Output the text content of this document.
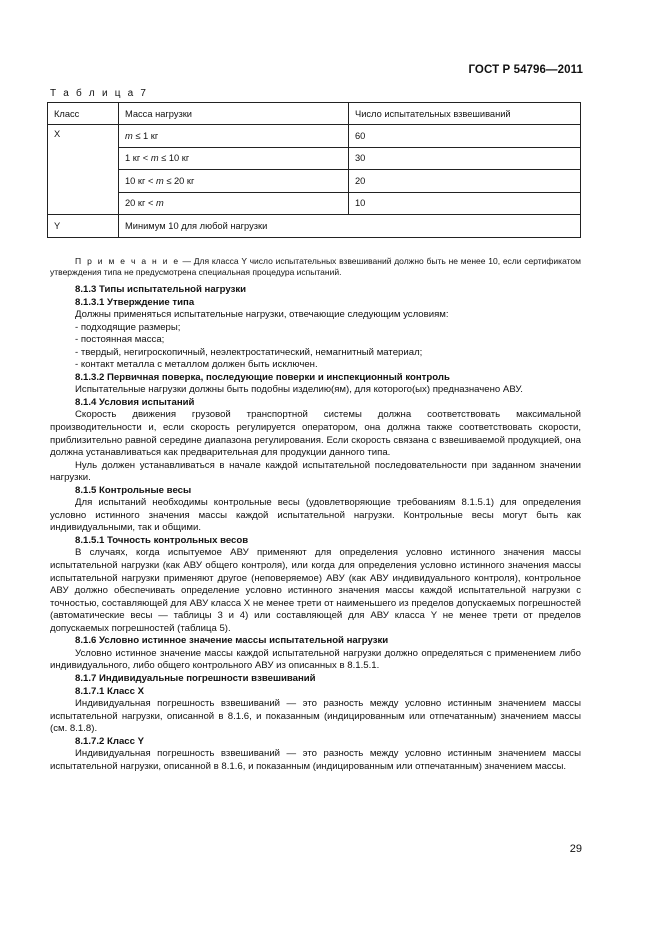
ГОСТ Р 54796—2011
Т а б л и ц а 7
Класс	Масса нагрузки	Число испытательных взвешиваний
X	m ≤ 1 кг	60
	1 кг < m ≤ 10 кг	30
	10 кг < m ≤ 20 кг	20
	20 кг < m	10
Y	Минимум 10 для любой нагрузки	

П р и м е ч а н и е — Для класса Y число испытательных взвешиваний должно быть не менее 10, если сертификатом утверждения типа не предусмотрена специальная процедура испытаний.

8.1.3 Типы испытательной нагрузки

8.1.3.1 Утверждение типа

Должны применяться испытательные нагрузки, отвечающие следующим условиям:

- подходящие размеры;

- постоянная масса;

- твердый, негигроскопичный, неэлектростатический, немагнитный материал;

- контакт металла с металлом должен быть исключен.

8.1.3.2 Первичная поверка, последующие поверки и инспекционный контроль

Испытательные нагрузки должны быть подобны изделию(ям), для которого(ых) предназначено АВУ.

8.1.4 Условия испытаний

Скорость движения грузовой транспортной системы должна соответствовать максимальной производительности и, если скорость регулируется оператором, она должна также соответствовать скорости, приблизительно равной середине диапазона регулирования. Если скорость связана с взвешиваемой продукцией, она должна устанавливаться как предварительная для продукции данного типа.

Нуль должен устанавливаться в начале каждой испытательной последовательности при заданном значении нагрузки.

8.1.5 Контрольные весы

Для испытаний необходимы контрольные весы (удовлетворяющие требованиям 8.1.5.1) для определения условно истинного значения массы каждой испытательной нагрузки. Контрольные весы могут быть как индивидуальными, так и общими.

8.1.5.1 Точность контрольных весов

В случаях, когда испытуемое АВУ применяют для определения условно истинного значения массы испытательной нагрузки (как АВУ общего контроля), или когда для определения условно истинного значения массы испытательной нагрузки применяют другое (неповеряемое) АВУ (как АВУ индивидуального контроля), контрольное АВУ должно обеспечивать определение условно истинного значения массы каждой испытательной нагрузки с точностью, составляющей для АВУ класса X не менее трети от наименьшего из пределов допускаемых погрешностей (автоматические весы — таблицы 3 и 4) или составляющей для АВУ класса Y не менее трети от пределов допускаемых погрешностей (таблица 5).

8.1.6 Условно истинное значение массы испытательной нагрузки

Условно истинное значение массы каждой испытательной нагрузки должно определяться с применением либо индивидуального, либо общего контрольного АВУ из описанных в 8.1.5.1.

8.1.7 Индивидуальные погрешности взвешиваний

8.1.7.1 Класс X

Индивидуальная погрешность взвешиваний — это разность между условно истинным значением массы испытательной нагрузки, описанной в 8.1.6, и показанным (индицированным или отпечатанным) значением массы (см. 8.1.8).

8.1.7.2 Класс Y

Индивидуальная погрешность взвешиваний — это разность между условно истинным значением массы испытательной нагрузки, описанной в 8.1.6, и показанным (индицированным или отпечатанным) значением массы.

29
